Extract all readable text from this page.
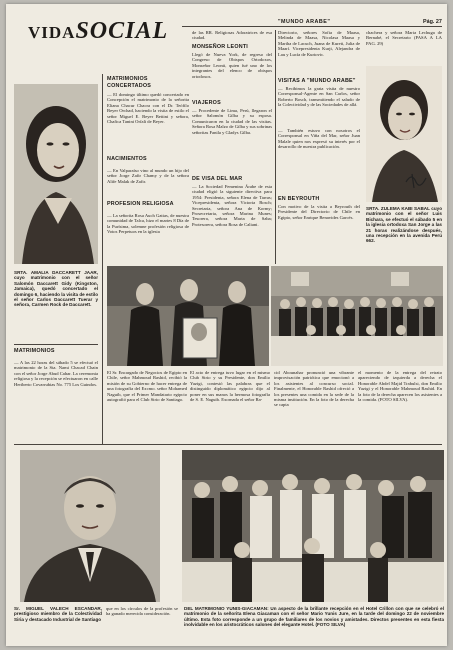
VIDASOCIAL	"MUNDO ARABE"	Pág. 27
SRTA. AMALIA DACCARETT JAAR, cuyo matrimonio con el señor Salomón Daccarett Gidy (Kingston, Jamaica), quedó concertado el domingo 6, haciendo la visita de estilo el señor Carlos Daccarett Tuerar y señora, Carmen Rock de Daccarett.
MATRIMONIOS
— A las 22 horas del sábado 5 se efectuó el matrimonio de la Sta. Nami Chacad Chain con el señor Jorge Abud Cahar. La ceremonia religiosa y la recepción se efectuaron en calle Heriberto Covarrubias No. 775 Los Guindos.
MATRIMONIOS CONCERTADOS
— El domingo último quedó concertado en Concepción el matrimonio de la señorita Eliana Chacur Chacra con el Dr. Teófilo Beyer Orchad, haciendo la visita de estilo el señor Miguel E. Beyer Bettini y señora, Chafica Tanini Orfali de Beyer.
NACIMIENTOS
— En Valparaíso vino al mundo un hijo del señor Jorge Zafir Chamy y de la señora Alife Malak de Zafir.
PROFESION RELIGIOSA
— La señorita Rosa Auch Gattas, de nuestra comunidad de Talca, hizo el martes 8 Día de la Purísima, solemne profesión religiosa de Votos Perpetuos en la iglesia
de las RR. Religiosas Adoratrices de esa ciudad.
MONSEÑOR LEONTI
Llegó de Nueva York, de regreso del Congreso de Obispos Ortodoxos, Monseñor Leonti, quien fué uno de los integrantes del elenco de obispos ortodoxos.
VIAJEROS
— Procedente de Lima, Perú, llegaron el señor Salomón Gilba y su esposa. Comunicaron en la ciudad de las visitas. Señora Rosa Malzo de Gilba y sus sobrinas señoritas Fanila y Gladys Gilba.
DE VISA DEL MAR
— La Sociedad Femenina Árabe de esta ciudad eligió la siguiente directiva para 1954: Presidenta, señora Elena de Tarras; Vicepresidenta, señora Victoria Bosch; Secretaria, señora Ana de Kormy; Prosecretaria, señora Marina Munes; Tesorera, señora Marta de Saba; Protesorera, señora Rosa de Caliani.
Directorio, señores Sofia de Maasa, Melinda de Maasa, Nicolasa Maasa y Martha de Lacuch, Juana de Kureti, Julia de Maarí. Vicepresidenta Kurji, Alejandra de Lau y Lucía de Kurtovic.
VISITAS A "MUNDO ARABE"
— Recibimos la grata visita de nuestro Corresponsal-Agente en San Carlos, señor Roberto Bosch, transmitiendo el saludo de la Colectividad y de las Sociedades de allá.
— También estuvo con nosotros el Corresponsal en Viña del Mar, señor Juan Malale quien nos expresó su interés por el desarrollo de nuestra publicación.
EN BEYROUTH
Con motivo de la visita a Beyrouth del Presidente del Directorio de Chile en Egipto, señor Enrique Benavides Garcés.
chachera y señora Maria Lechuga de Bernabé, el Secretario (PASA A LA PAG. 29)
SRTA. ZULEMA KABI SABAL cuyo matrimonio con el señor Luis Bichara, se efectuó el sábado 5 en la iglesia ortodoxa San Jorge a las 21 horas realizándose después, una recepción en la avenida Perú 662.
El Sr. Encargado de Negocios de Egipto en Chile, señor Mahmoud Rashid, recibió la misión de su Gobierno de hacer entrega de una fotografía del Excmo. señor Mohamed Naguib, que el Primer Mandatario egipcio autografió para el Club Sirio de Santiago.
El acto de entrega tuvo lugar en el mismo Club Sirio y su Presidente, don Emilio Yazigi, contestó las palabras que el distinguido diplomático egipcio dijo al poner en sus manos la hermosa fotografía de S. E. Naguib. Exornada el señor Ra-
cid Abounahar pronunció una vibrante improvisación patriótica que emocionó a los asistentes al concurso social. Finalmente, el Honorable Rashid ofreció a los presentes una comida en la sede de la misma institución. En la foto de la derecha se capta
el momento de la entrega del retrato apareciendo de izquierda a derecha el Honorable Abdel Majid Trabulsi, don Emilio Yazigi y el Honorable Mahmoud Rashid. En la foto de la derecha aparecen los asistentes a la comida. (FOTO SILVA).
Sr. MIGUEL VALECH ESCANDAR, prestigioso miembro de la Colectividad Siria y destacado Industrial de Santiago
que en los círculos de la profesión se ha ganado merecida consideración.
DEL MATRIMONIO YUNIS-GIACAMAN: Un aspecto de la brillante recepción en el Hotel Crillon con que se celebró el matrimonio de la señorita Elena Giacaman con el señor Mario Yunis Jure, en la tarde del domingo 22 de noviembre último. Esta foto corresponde a un grupo de familiares de los novios y amistades. Directos presentes en esta fiesta inolvidable en los aristocráticos salones del elegante Hotel. (FOTO SILVA)
